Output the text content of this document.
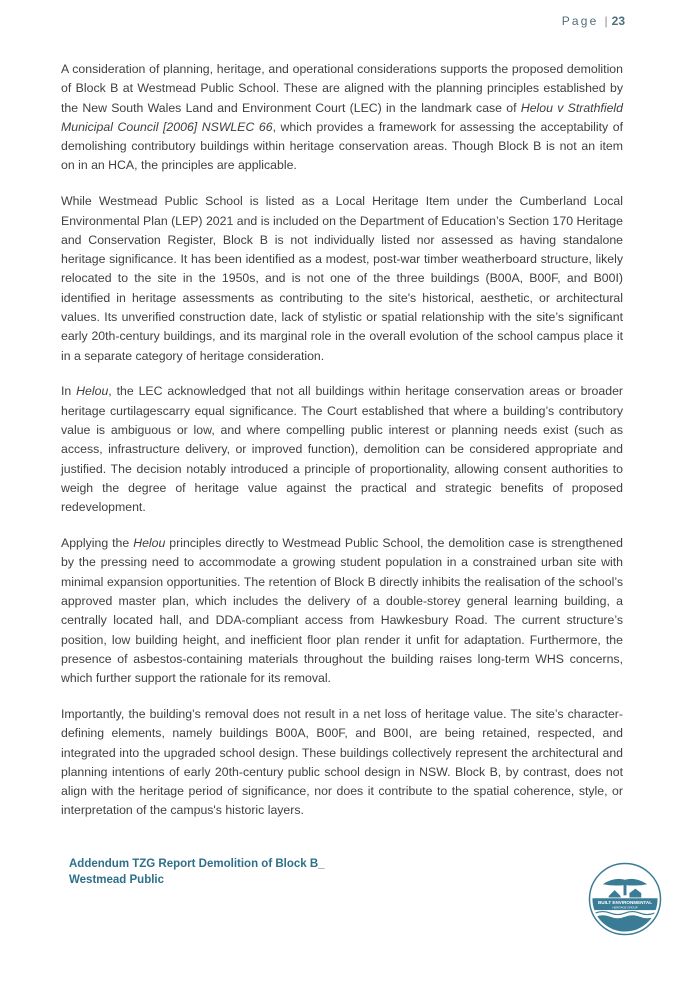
Page | 23

A consideration of planning, heritage, and operational considerations supports the proposed demolition of Block B at Westmead Public School. These are aligned with the planning principles established by the New South Wales Land and Environment Court (LEC) in the landmark case of Helou v Strathfield Municipal Council [2006] NSWLEC 66, which provides a framework for assessing the acceptability of demolishing contributory buildings within heritage conservation areas. Though Block B is not an item on in an HCA, the principles are applicable.

While Westmead Public School is listed as a Local Heritage Item under the Cumberland Local Environmental Plan (LEP) 2021 and is included on the Department of Education’s Section 170 Heritage and Conservation Register, Block B is not individually listed nor assessed as having standalone heritage significance. It has been identified as a modest, post-war timber weatherboard structure, likely relocated to the site in the 1950s, and is not one of the three buildings (B00A, B00F, and B00I) identified in heritage assessments as contributing to the site's historical, aesthetic, or architectural values. Its unverified construction date, lack of stylistic or spatial relationship with the site’s significant early 20th-century buildings, and its marginal role in the overall evolution of the school campus place it in a separate category of heritage consideration.

In Helou, the LEC acknowledged that not all buildings within heritage conservation areas or broader heritage curtilagescarry equal significance. The Court established that where a building’s contributory value is ambiguous or low, and where compelling public interest or planning needs exist (such as access, infrastructure delivery, or improved function), demolition can be considered appropriate and justified. The decision notably introduced a principle of proportionality, allowing consent authorities to weigh the degree of heritage value against the practical and strategic benefits of proposed redevelopment.

Applying the Helou principles directly to Westmead Public School, the demolition case is strengthened by the pressing need to accommodate a growing student population in a constrained urban site with minimal expansion opportunities. The retention of Block B directly inhibits the realisation of the school’s approved master plan, which includes the delivery of a double-storey general learning building, a centrally located hall, and DDA-compliant access from Hawkesbury Road. The current structure’s position, low building height, and inefficient floor plan render it unfit for adaptation. Furthermore, the presence of asbestos-containing materials throughout the building raises long-term WHS concerns, which further support the rationale for its removal.

Importantly, the building’s removal does not result in a net loss of heritage value. The site’s character-defining elements, namely buildings B00A, B00F, and B00I, are being retained, respected, and integrated into the upgraded school design. These buildings collectively represent the architectural and planning intentions of early 20th-century public school design in NSW. Block B, by contrast, does not align with the heritage period of significance, nor does it contribute to the spatial coherence, style, or interpretation of the campus's historic layers.

Addendum TZG Report Demolition of Block B_
Westmead Public
BUILT ENVIRONMENTAL
HERITAGE GROUP
